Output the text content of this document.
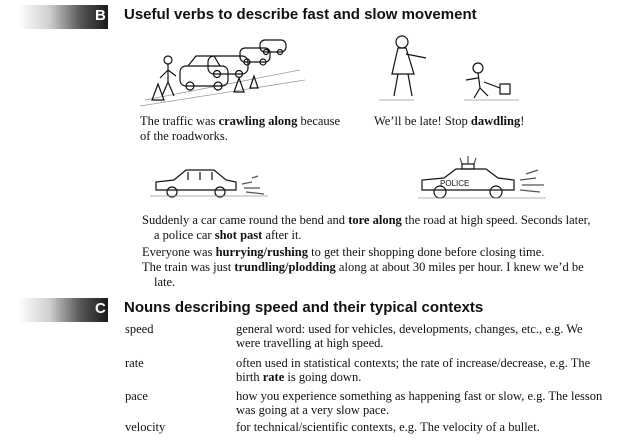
B Useful verbs to describe fast and slow movement
The traffic was crawling along because of the roadworks.
We’ll be late! Stop dawdling!
POLICE
Suddenly a car came round the bend and tore along the road at high speed. Seconds later,
a police car shot past after it.
Everyone was hurrying/rushing to get their shopping done before closing time.
The train was just trundling/plodding along at about 30 miles per hour. I knew we’d be
late.
C Nouns describing speed and their typical contexts
speed	general word: used for vehicles, developments, changes, etc., e.g. We
were travelling at high speed.
rate	often used in statistical contexts; the rate of increase/decrease, e.g. The
birth rate is going down.
pace	how you experience something as happening fast or slow, e.g. The lesson
was going at a very slow pace.
velocity	for technical/scientific contexts, e.g. The velocity of a bullet.
